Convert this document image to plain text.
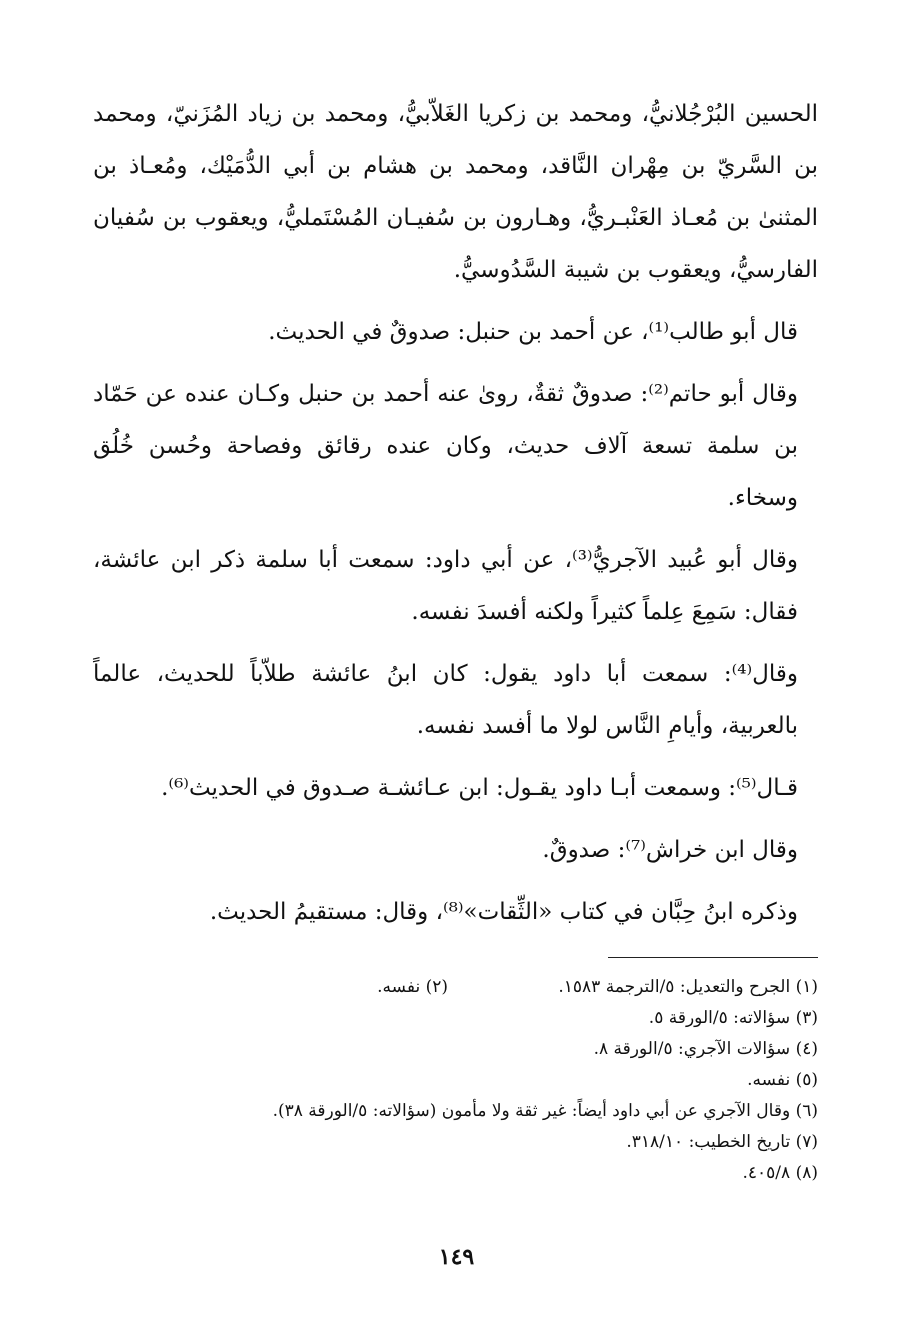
الحسين البُرْجُلانيُّ، ومحمد بن زكريا الغَلاّبيُّ، ومحمد بن زياد المُزَنيّ، ومحمد بن السَّريّ بن مِهْران النَّاقد، ومحمد بن هشام بن أبي الدُّمَيْك، ومُعـاذ بن المثنىٰ بن مُعـاذ العَنْبـريُّ، وهـارون بن سُفيـان المُسْتَمليُّ، ويعقوب بن سُفيان الفارسيُّ، ويعقوب بن شيبة السَّدُوسيُّ.

قال أبو طالب⁽¹⁾، عن أحمد بن حنبل: صدوقٌ في الحديث.

وقال أبو حاتم⁽²⁾: صدوقٌ ثقةٌ، روىٰ عنه أحمد بن حنبل وكـان عنده عن حَمّاد بن سلمة تسعة آلاف حديث، وكان عنده رقائق وفصاحة وحُسن خُلُق وسخاء.

وقال أبو عُبيد الآجريُّ⁽³⁾، عن أبي داود: سمعت أبا سلمة ذكر ابن عائشة، فقال: سَمِعَ عِلماً كثيراً ولكنه أفسدَ نفسه.

وقال⁽⁴⁾: سمعت أبا داود يقول: كان ابنُ عائشة طلاّباً للحديث، عالماً بالعربية، وأيامِ النَّاس لولا ما أفسد نفسه.

قـال⁽⁵⁾: وسمعت أبـا داود يقـول: ابن عـائشـة صـدوق في الحديث⁽⁶⁾.

وقال ابن خراش⁽⁷⁾: صدوقٌ.

وذكره ابنُ حِبَّان في كتاب «الثِّقات»⁽⁸⁾، وقال: مستقيمُ الحديث.

(١) الجرح والتعديل: ٥/الترجمة ١٥٨٣.
(٢) نفسه.
(٣) سؤالاته: ٥/الورقة ٥.
(٤) سؤالات الآجري: ٥/الورقة ٨.
(٥) نفسه.
(٦) وقال الآجري عن أبي داود أيضاً: غير ثقة ولا مأمون (سؤالاته: ٥/الورقة ٣٨).
(٧) تاريخ الخطيب: ٣١٨/١٠.
(٨) ٤٠٥/٨.
١٤٩
